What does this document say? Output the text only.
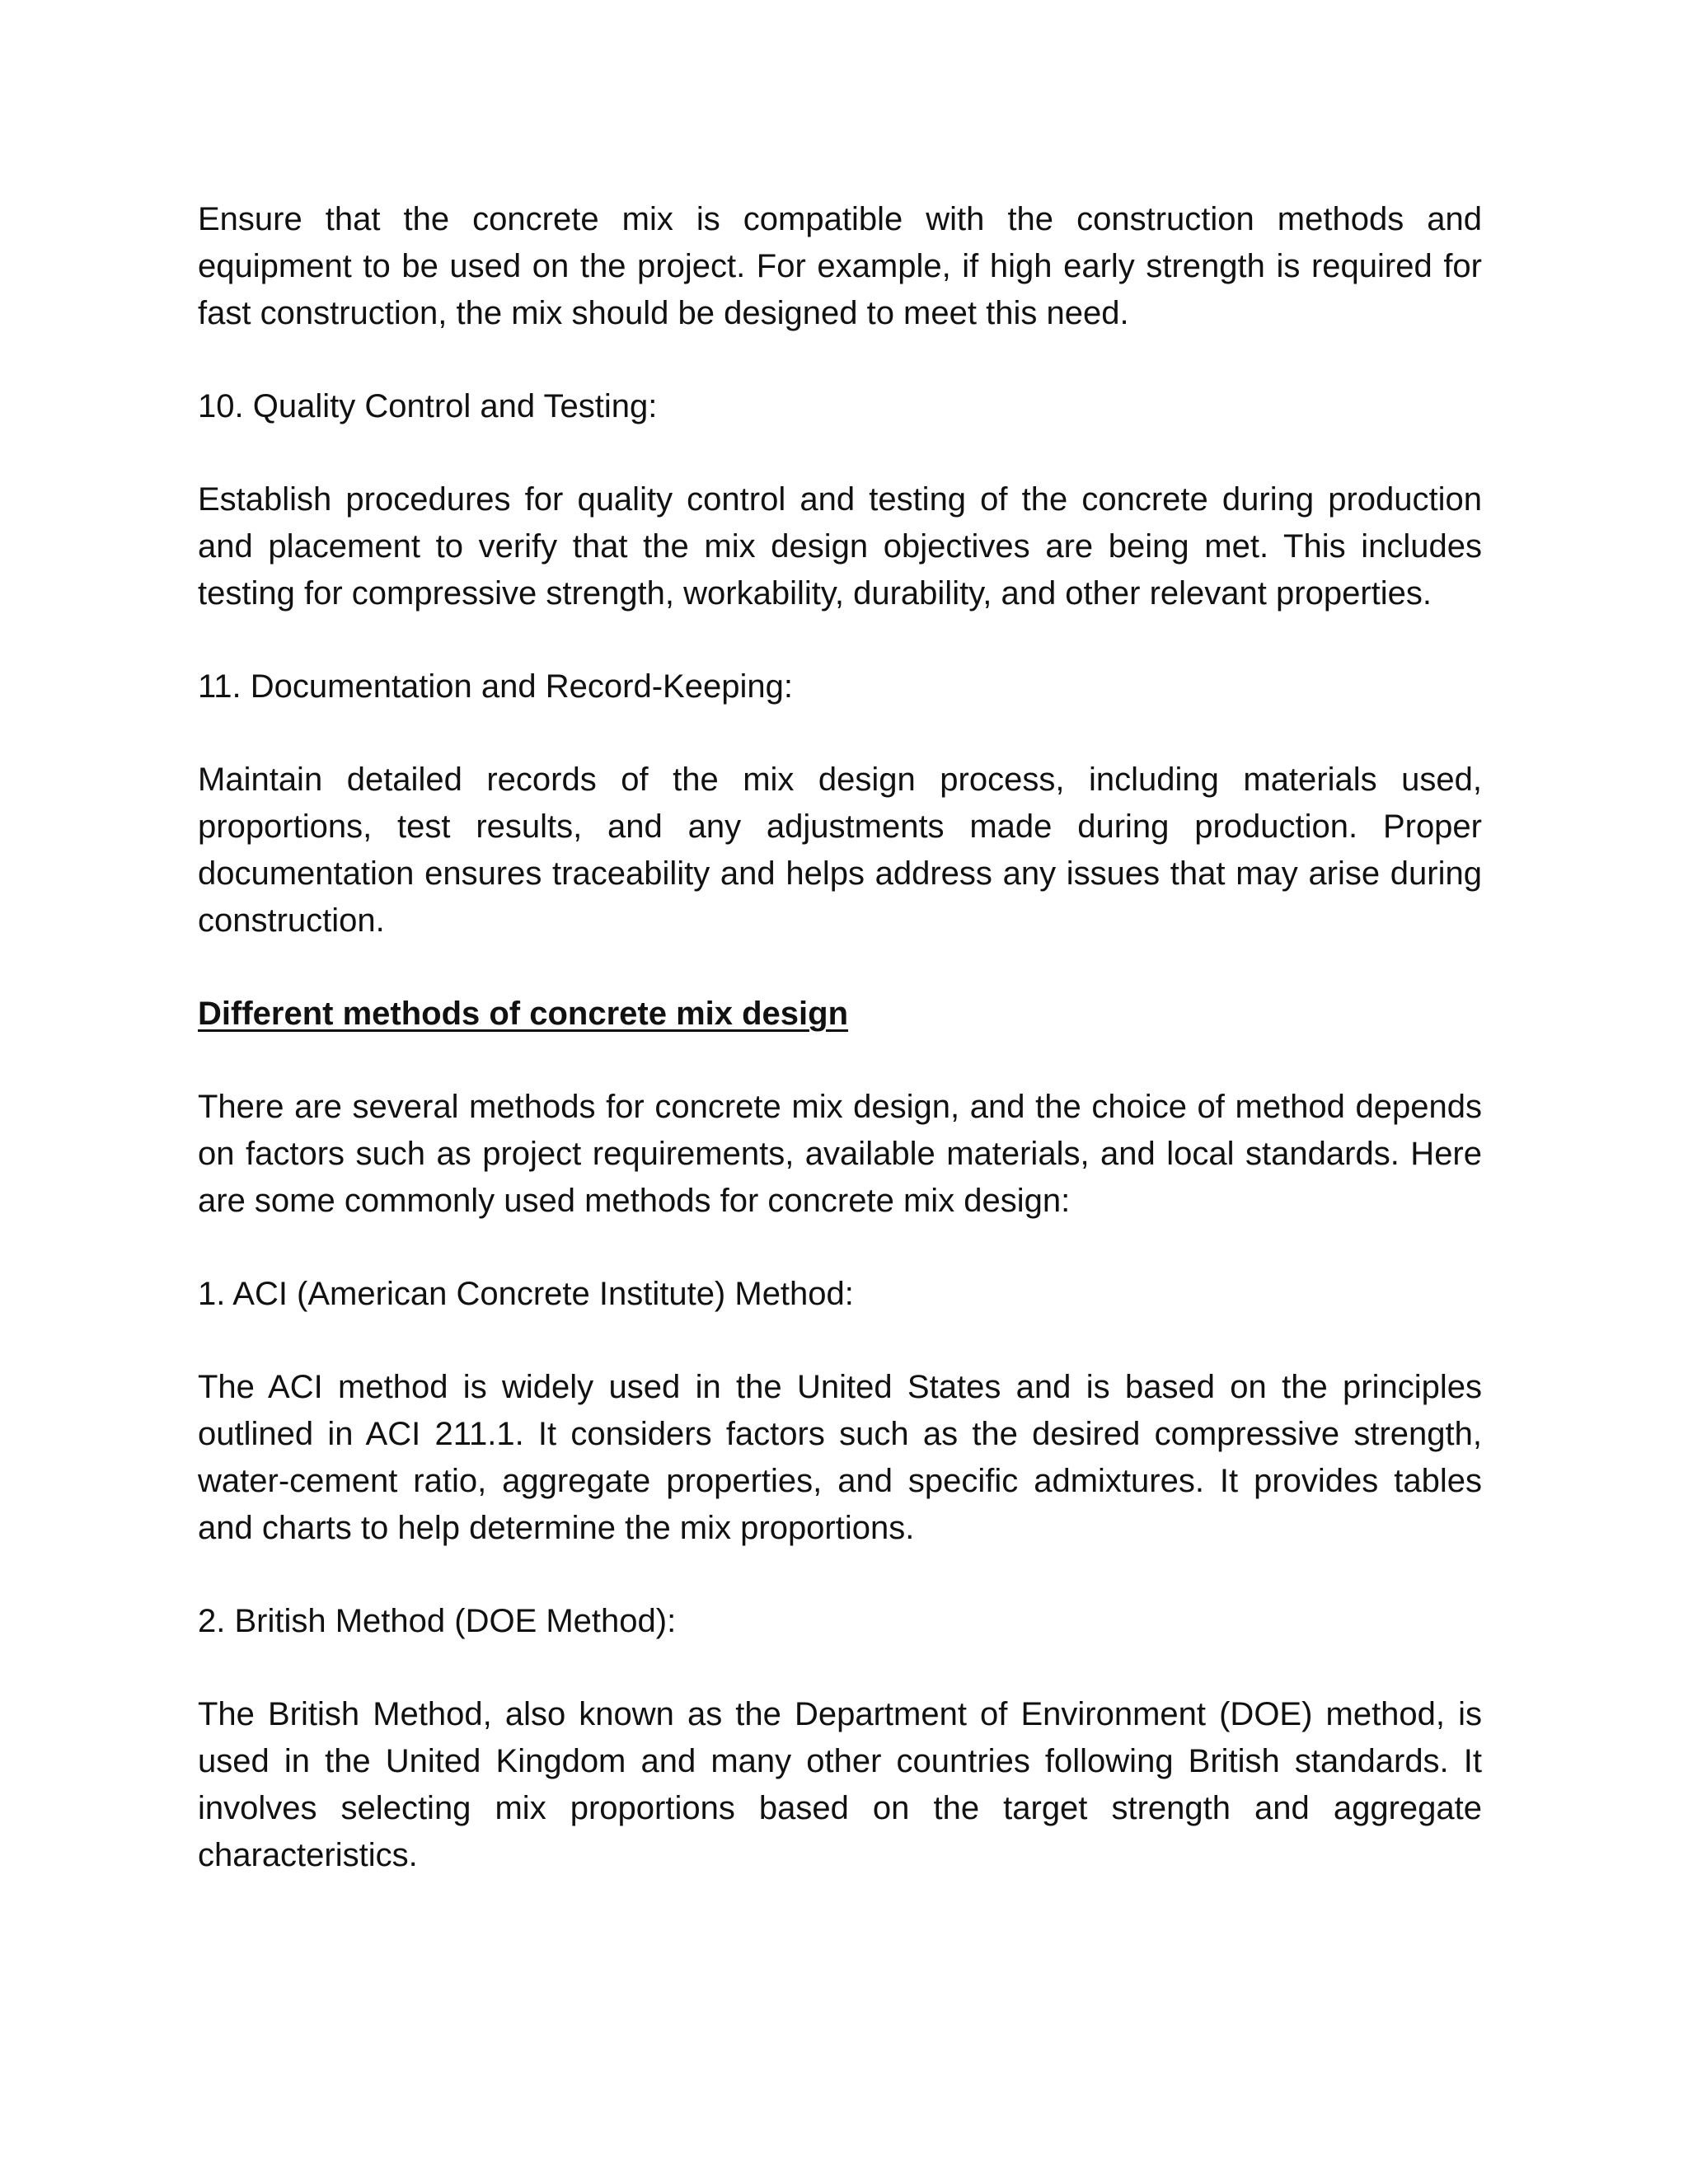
Ensure that the concrete mix is compatible with the construction methods and equipment to be used on the project. For example, if high early strength is required for fast construction, the mix should be designed to meet this need.

10. Quality Control and Testing:

Establish procedures for quality control and testing of the concrete during production and placement to verify that the mix design objectives are being met. This includes testing for compressive strength, workability, durability, and other relevant properties.

11. Documentation and Record-Keeping:

Maintain detailed records of the mix design process, including materials used, proportions, test results, and any adjustments made during production. Proper documentation ensures traceability and helps address any issues that may arise during construction.

Different methods of concrete mix design

There are several methods for concrete mix design, and the choice of method depends on factors such as project requirements, available materials, and local standards. Here are some commonly used methods for concrete mix design:

1. ACI (American Concrete Institute) Method:

The ACI method is widely used in the United States and is based on the principles outlined in ACI 211.1. It considers factors such as the desired compressive strength, water-cement ratio, aggregate properties, and specific admixtures. It provides tables and charts to help determine the mix proportions.

2. British Method (DOE Method):

The British Method, also known as the Department of Environment (DOE) method, is used in the United Kingdom and many other countries following British standards. It involves selecting mix proportions based on the target strength and aggregate characteristics.
